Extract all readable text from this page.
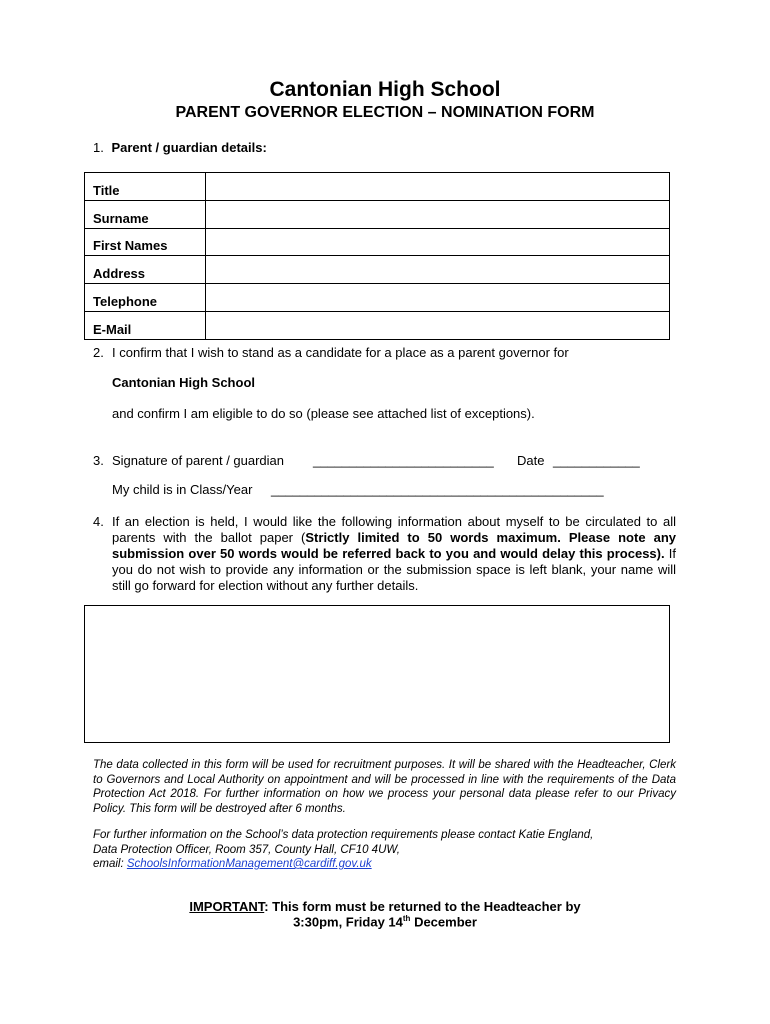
Cantonian High School
PARENT GOVERNOR ELECTION – NOMINATION FORM
1. Parent / guardian details:
Title	
Surname	
First Names	
Address	
Telephone	
E-Mail	
2. I confirm that I wish to stand as a candidate for a place as a parent governor for
Cantonian High School
and confirm I am eligible to do so (please see attached list of exceptions).
3. Signature of parent / guardian _________________________ Date ____________
My child is in Class/Year ______________________________________________
4. If an election is held, I would like the following information about myself to be circulated to all parents with the ballot paper (Strictly limited to 50 words maximum. Please note any submission over 50 words would be referred back to you and would delay this process). If you do not wish to provide any information or the submission space is left blank, your name will still go forward for election without any further details.
The data collected in this form will be used for recruitment purposes. It will be shared with the Headteacher, Clerk to Governors and Local Authority on appointment and will be processed in line with the requirements of the Data Protection Act 2018. For further information on how we process your personal data please refer to our Privacy Policy. This form will be destroyed after 6 months.
For further information on the School’s data protection requirements please contact Katie England,
Data Protection Officer, Room 357, County Hall, CF10 4UW,
email: SchoolsInformationManagement@cardiff.gov.uk
IMPORTANT: This form must be returned to the Headteacher by
3:30pm, Friday 14th December
